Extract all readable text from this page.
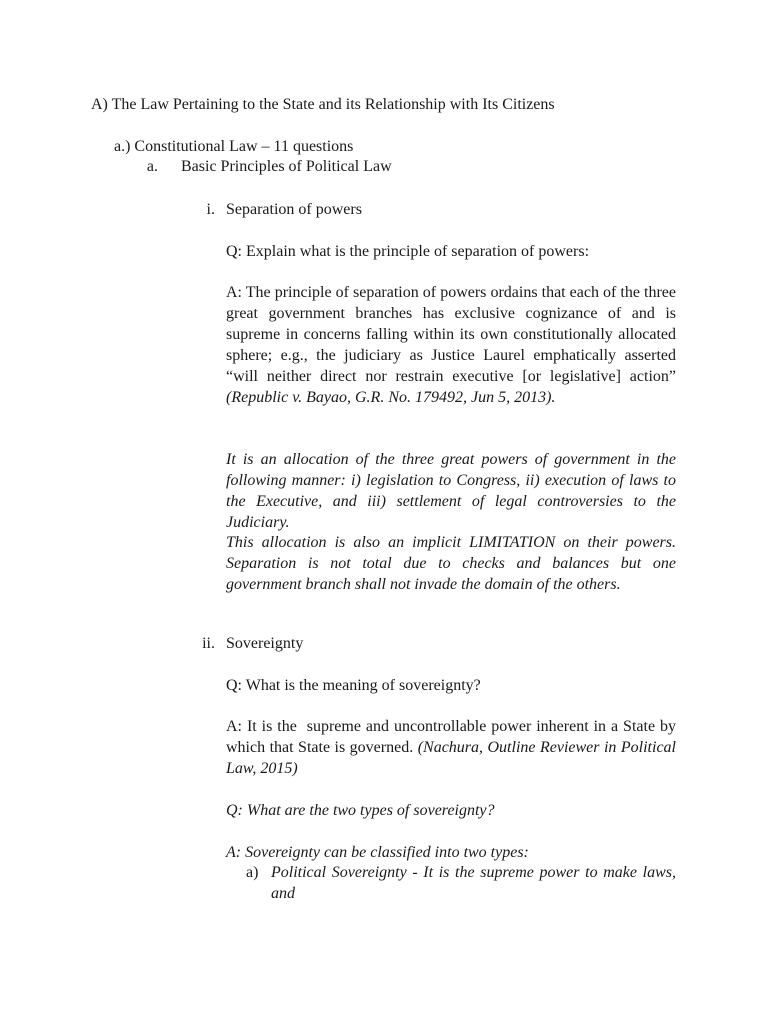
A) The Law Pertaining to the State and its Relationship with Its Citizens
a.) Constitutional Law – 11 questions
a. Basic Principles of Political Law
i. Separation of powers
Q: Explain what is the principle of separation of powers:
A: The principle of separation of powers ordains that each of the three great government branches has exclusive cognizance of and is supreme in concerns falling within its own constitutionally allocated sphere; e.g., the judiciary as Justice Laurel emphatically asserted “will neither direct nor restrain executive [or legislative] action” (Republic v. Bayao, G.R. No. 179492, Jun 5, 2013).
It is an allocation of the three great powers of government in the following manner: i) legislation to Congress, ii) execution of laws to the Executive, and iii) settlement of legal controversies to the Judiciary.
This allocation is also an implicit LIMITATION on their powers. Separation is not total due to checks and balances but one government branch shall not invade the domain of the others.
ii. Sovereignty
Q: What is the meaning of sovereignty?
A: It is the  supreme and uncontrollable power inherent in a State by which that State is governed. (Nachura, Outline Reviewer in Political Law, 2015)
Q: What are the two types of sovereignty?
A: Sovereignty can be classified into two types:
a) Political Sovereignty - It is the supreme power to make laws, and
